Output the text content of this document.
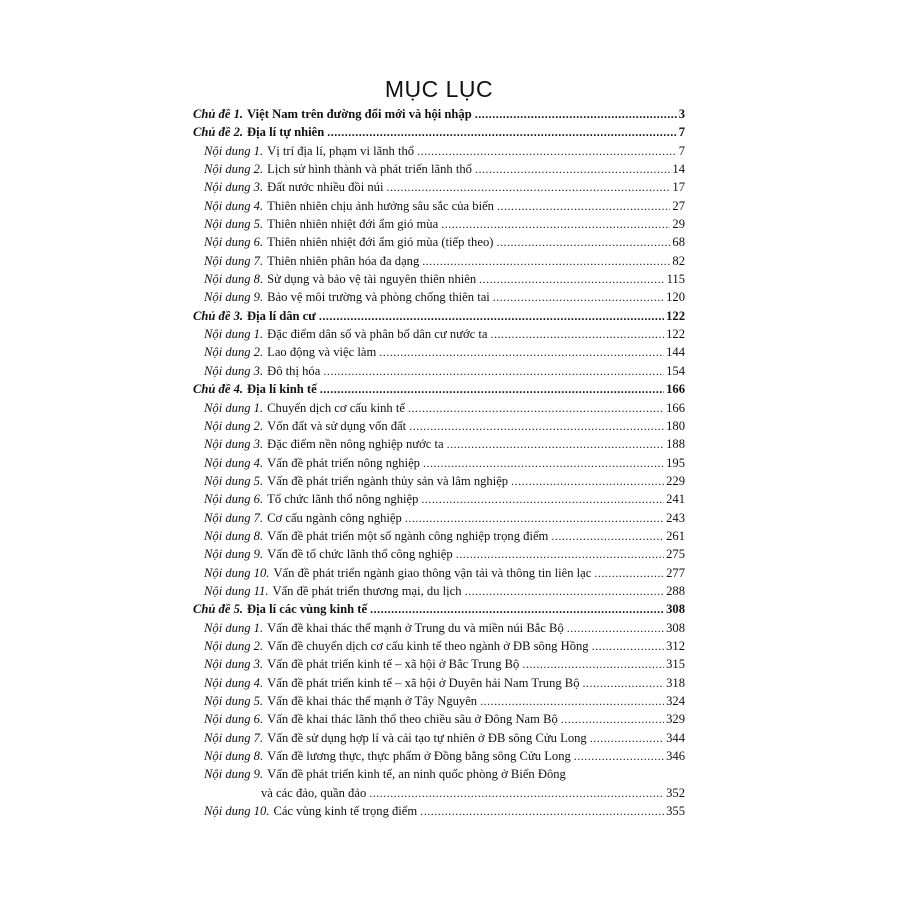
MỤC LỤC
Chủ đề 1. Việt Nam trên đường đổi mới và hội nhập .....	3
Chủ đề 2. Địa lí tự nhiên .....	7
Nội dung 1. Vị trí địa lí, phạm vi lãnh thổ .....	7
Nội dung 2. Lịch sử hình thành và phát triển lãnh thổ .....	14
Nội dung 3. Đất nước nhiều đồi núi .....	17
Nội dung 4. Thiên nhiên chịu ảnh hưởng sâu sắc của biển .....	27
Nội dung 5. Thiên nhiên nhiệt đới ẩm gió mùa .....	29
Nội dung 6. Thiên nhiên nhiệt đới ẩm gió mùa (tiếp theo) .....	68
Nội dung 7. Thiên nhiên phân hóa đa dạng .....	82
Nội dung 8. Sử dụng và bảo vệ tài nguyên thiên nhiên .....	115
Nội dung 9. Bảo vệ môi trường và phòng chống thiên tai .....	120
Chủ đề 3. Địa lí dân cư .....	122
Nội dung 1. Đặc điểm dân số và phân bố dân cư nước ta .....	122
Nội dung 2. Lao động và việc làm .....	144
Nội dung 3. Đô thị hóa .....	154
Chủ đề 4. Địa lí kinh tế .....	166
Nội dung 1. Chuyển dịch cơ cấu kinh tế .....	166
Nội dung 2. Vốn đất và sử dụng vốn đất .....	180
Nội dung 3. Đặc điểm nền nông nghiệp nước ta .....	188
Nội dung 4. Vấn đề phát triển nông nghiệp .....	195
Nội dung 5. Vấn đề phát triển ngành thủy sản và lâm nghiệp .....	229
Nội dung 6. Tổ chức lãnh thổ nông nghiệp .....	241
Nội dung 7. Cơ cấu ngành công nghiệp .....	243
Nội dung 8. Vấn đề phát triển một số ngành công nghiệp trọng điểm .....	261
Nội dung 9. Vấn đề tổ chức lãnh thổ công nghiệp .....	275
Nội dung 10. Vấn đề phát triển ngành giao thông vận tải và thông tin liên lạc .....	277
Nội dung 11. Vấn đề phát triển thương mại, du lịch .....	288
Chủ đề 5. Địa lí các vùng kinh tế .....	308
Nội dung 1. Vấn đề khai thác thế mạnh ở Trung du và miền núi Bắc Bộ .....	308
Nội dung 2. Vấn đề chuyển dịch cơ cấu kinh tế theo ngành ở ĐB sông Hồng .....	312
Nội dung 3. Vấn đề phát triển kinh tế – xã hội ở Bắc Trung Bộ .....	315
Nội dung 4. Vấn đề phát triển kinh tế – xã hội ở Duyên hải Nam Trung Bộ .....	318
Nội dung 5. Vấn đề khai thác thế mạnh ở Tây Nguyên .....	324
Nội dung 6. Vấn đề khai thác lãnh thổ theo chiều sâu ở Đông Nam Bộ .....	329
Nội dung 7. Vấn đề sử dụng hợp lí và cải tạo tự nhiên ở ĐB sông Cửu Long .....	344
Nội dung 8. Vấn đề lương thực, thực phẩm ở Đồng bằng sông Cửu Long .....	346
Nội dung 9. Vấn đề phát triển kinh tế, an ninh quốc phòng ở Biển Đông
và các đảo, quần đảo .....	352
Nội dung 10. Các vùng kinh tế trọng điểm .....	355
